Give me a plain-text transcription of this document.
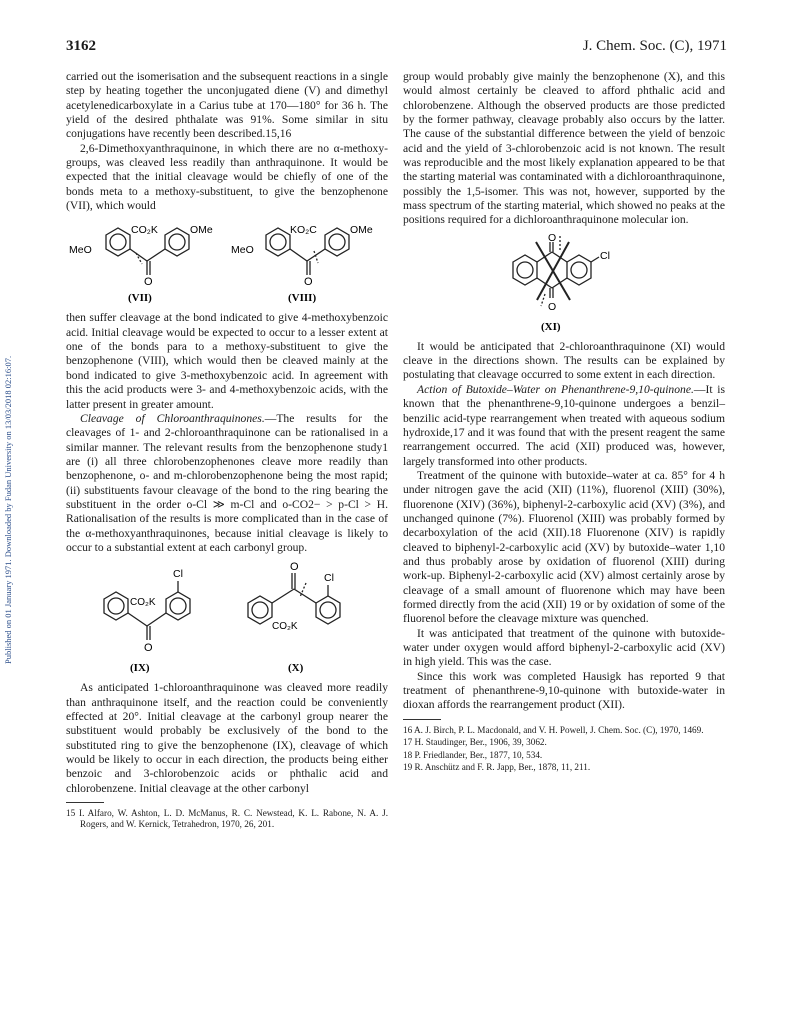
3162	J. Chem. Soc. (C), 1971
Published on 01 January 1971. Downloaded by Fudan University on 13/03/2018 02:16:07.

carried out the isomerisation and the subsequent reactions in a single step by heating together the unconjugated diene (V) and dimethyl acetylenedicarboxylate in a Carius tube at 170—180° for 36 h. The yield of the desired phthalate was 91%. Some similar in situ conjugations have recently been described.15,16

2,6-Dimethoxyanthraquinone, in which there are no α-methoxy-groups, was cleaved less readily than anthraquinone. It would be expected that the initial cleavage would be chiefly of one of the bonds meta to a methoxy-substituent, to give the benzophenone (VII), which would

MeO
CO₂K	OMe
O
MeO
KO₂C	OMe
O
(VII)	(VIII)

then suffer cleavage at the bond indicated to give 4-methoxybenzoic acid. Initial cleavage would be expected to occur to a lesser extent at one of the bonds para to a methoxy-substituent to give the benzophenone (VIII), which would then be cleaved mainly at the bond indicated to give 3-methoxybenzoic acid. In agreement with this the acid products were 3- and 4-methoxybenzoic acids, with the latter present in greater amount.

Cleavage of Chloroanthraquinones.—The results for the cleavages of 1- and 2-chloroanthraquinone can be rationalised in a similar manner. The relevant results from the benzophenone study1 are (i) all three chlorobenzophenones cleave more readily than benzophenone, o- and m-chlorobenzophenone being the most rapid; (ii) substituents favour cleavage of the bond to the ring bearing the substituent in the order o-Cl ≫ m-Cl and o-CO2− > p-Cl > H. Rationalisation of the results is more complicated than in the case of the α-methoxyanthraquinones, because initial cleavage is likely to occur to a substantial extent at each carbonyl group.

Cl
CO₂K
O
O
Cl
CO₂K
(IX)	(X)

As anticipated 1-chloroanthraquinone was cleaved more readily than anthraquinone itself, and the reaction could be conveniently effected at 20°. Initial cleavage at the carbonyl group nearer the substituent would probably be exclusively of the bond to the substituted ring to give the benzophenone (IX), cleavage of which would be likely to occur in each direction, the products being either benzoic and 3-chlorobenzoic acids or phthalic acid and chlorobenzene. Initial cleavage at the other carbonyl

15 I. Alfaro, W. Ashton, L. D. McManus, R. C. Newstead, K. L. Rabone, N. A. J. Rogers, and W. Kernick, Tetrahedron, 1970, 26, 201.

group would probably give mainly the benzophenone (X), and this would almost certainly be cleaved to afford phthalic acid and chlorobenzene. Although the observed products are those predicted by the former pathway, cleavage probably also occurs by the latter. The cause of the substantial difference between the yield of benzoic acid and the yield of 3-chlorobenzoic acid is not known. The result was reproducible and the most likely explanation appeared to be that the starting material was contaminated with a dichloroanthraquinone, possibly the 1,5-isomer. This was not, however, supported by the mass spectrum of the starting material, which showed no peaks at the positions required for a dichloroanthraquinone molecular ion.

O
O
Cl
(XI)

It would be anticipated that 2-chloroanthraquinone (XI) would cleave in the directions shown. The results can be explained by postulating that cleavage occurred to some extent in each direction.

Action of Butoxide–Water on Phenanthrene-9,10-quinone.—It is known that the phenanthrene-9,10-quinone undergoes a benzil–benzilic acid-type rearrangement when treated with aqueous sodium hydroxide,17 and it was found that with the present reagent the same rearrangement occurred. The acid (XII) produced was, however, largely transformed into other products.

Treatment of the quinone with butoxide–water at ca. 85° for 4 h under nitrogen gave the acid (XII) (11%), fluorenol (XIII) (30%), fluorenone (XIV) (36%), biphenyl-2-carboxylic acid (XV) (3%), and unchanged quinone (7%). Fluorenol (XIII) was probably formed by decarboxylation of the acid (XII).18 Fluorenone (XIV) is rapidly cleaved to biphenyl-2-carboxylic acid (XV) by butoxide–water 1,10 and thus probably arose by oxidation of fluorenol (XIII) during work-up. Biphenyl-2-carboxylic acid (XV) almost certainly arose by cleavage of a small amount of fluorenone which may have been formed directly from the acid (XII) 19 or by oxidation of some of the fluorenol before the cleavage mixture was quenched.

It was anticipated that treatment of the quinone with butoxide-water under oxygen would afford biphenyl-2-carboxylic acid (XV) in high yield. This was the case.

Since this work was completed Hausigk has reported 9 that treatment of phenanthrene-9,10-quinone with butoxide-water in dioxan affords the rearrangement product (XII).

16 A. J. Birch, P. L. Macdonald, and V. H. Powell, J. Chem. Soc. (C), 1970, 1469.

17 H. Staudinger, Ber., 1906, 39, 3062.

18 P. Friedlander, Ber., 1877, 10, 534.

19 R. Anschütz and F. R. Japp, Ber., 1878, 11, 211.
